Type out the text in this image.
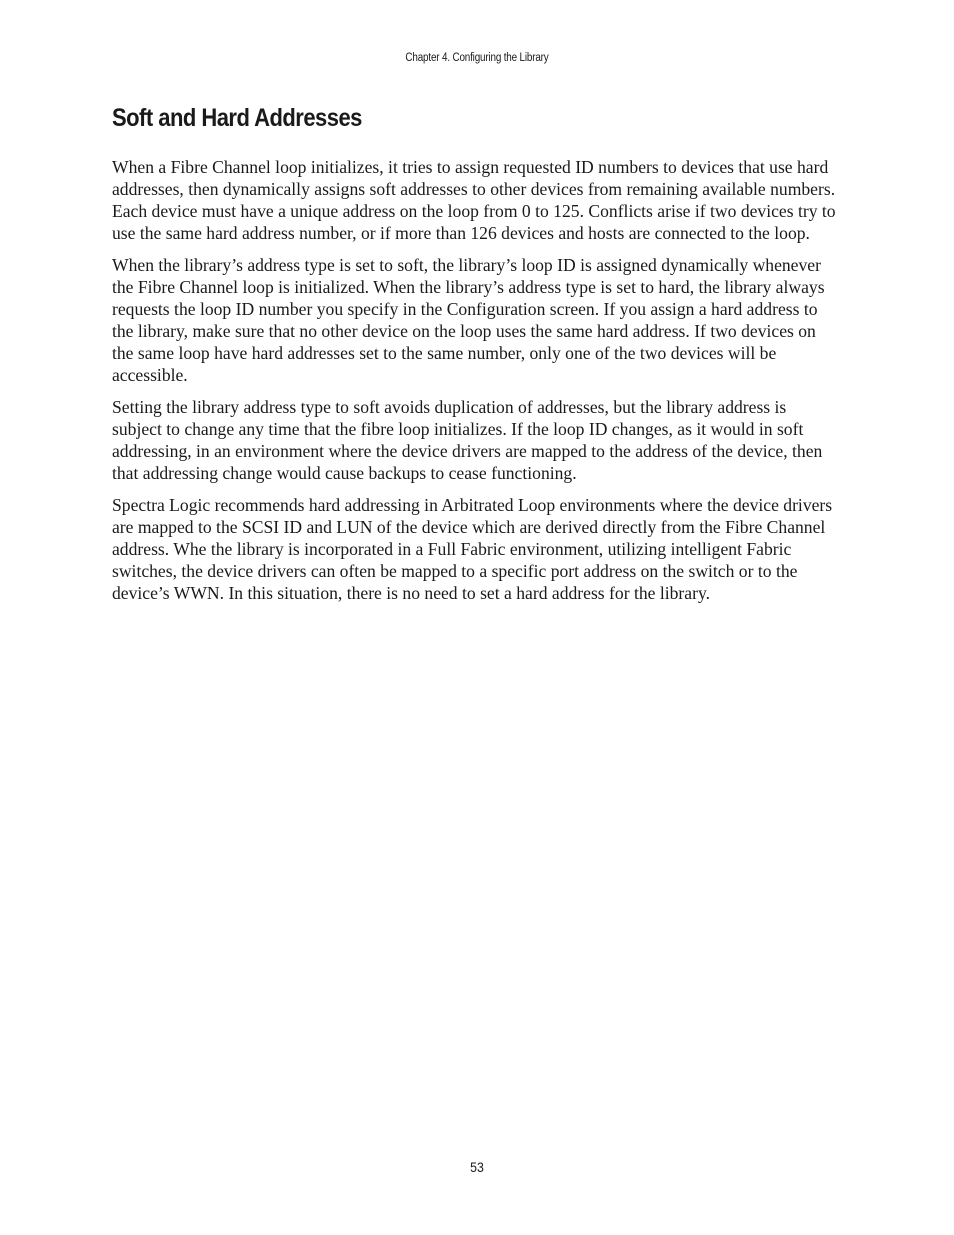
Chapter 4. Configuring the Library
Soft and Hard Addresses

When a Fibre Channel loop initializes, it tries to assign requested ID numbers to devices that use hard addresses, then dynamically assigns soft addresses to other devices from remaining available numbers. Each device must have a unique address on the loop from 0 to 125. Conflicts arise if two devices try to use the same hard address number, or if more than 126 devices and hosts are connected to the loop.

When the library’s address type is set to soft, the library’s loop ID is assigned dynamically whenever the Fibre Channel loop is initialized. When the library’s address type is set to hard, the library always requests the loop ID number you specify in the Configuration screen. If you assign a hard address to the library, make sure that no other device on the loop uses the same hard address. If two devices on the same loop have hard addresses set to the same number, only one of the two devices will be accessible.

Setting the library address type to soft avoids duplication of addresses, but the library address is subject to change any time that the fibre loop initializes. If the loop ID changes, as it would in soft addressing, in an environment where the device drivers are mapped to the address of the device, then that addressing change would cause backups to cease functioning.

Spectra Logic recommends hard addressing in Arbitrated Loop environments where the device drivers are mapped to the SCSI ID and LUN of the device which are derived directly from the Fibre Channel address. Whe the library is incorporated in a Full Fabric environment, utilizing intelligent Fabric switches, the device drivers can often be mapped to a specific port address on the switch or to the device’s WWN. In this situation, there is no need to set a hard address for the library.

53
